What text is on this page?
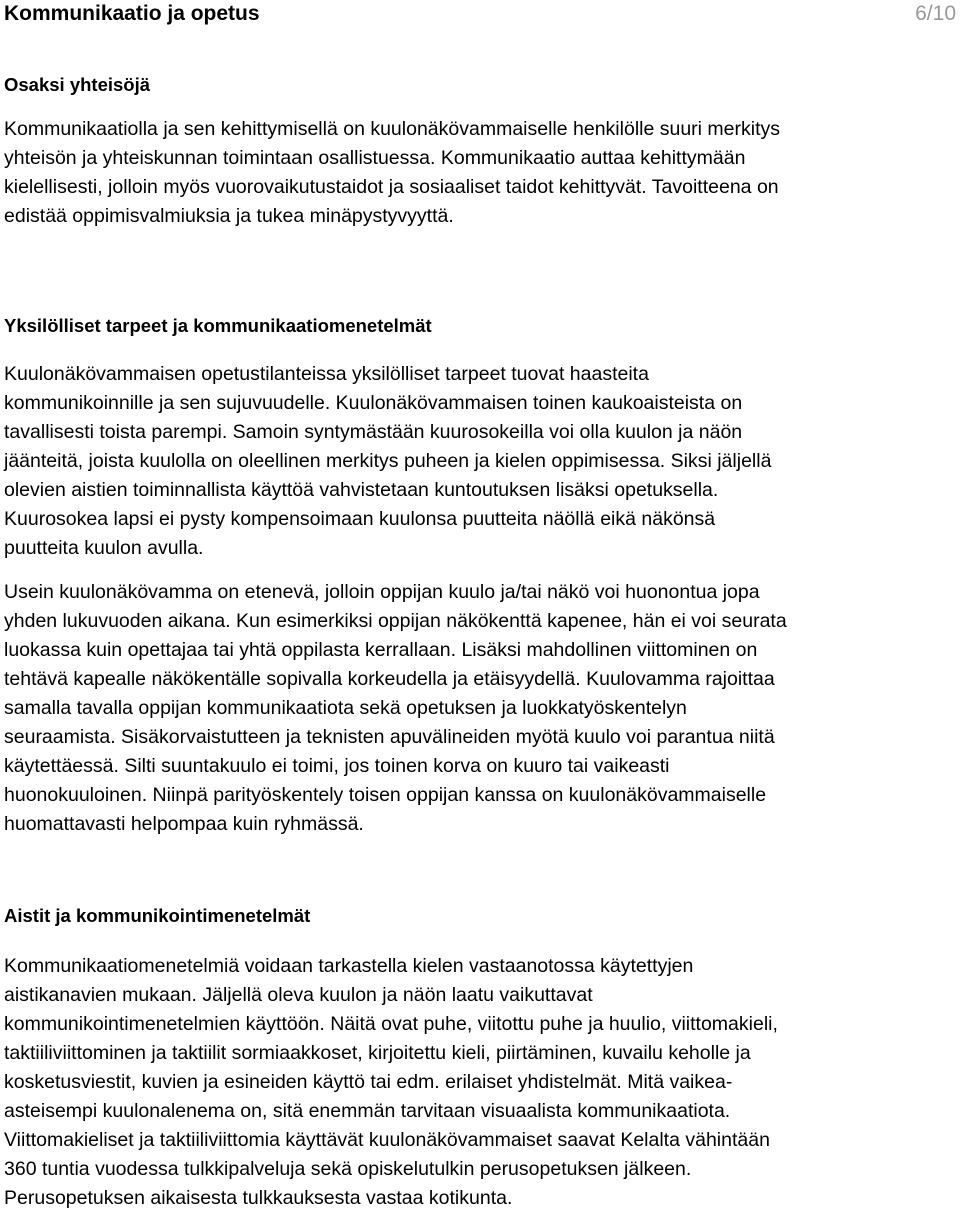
Kommunikaatio ja opetus	6/10
Osaksi yhteisöjä
Kommunikaatiolla ja sen kehittymisellä on kuulonäkövammaiselle henkilölle suuri merkitys
yhteisön ja yhteiskunnan toimintaan osallistuessa. Kommunikaatio auttaa kehittymään
kielellisesti, jolloin myös vuorovaikutustaidot ja sosiaaliset taidot kehittyvät. Tavoitteena on
edistää oppimisvalmiuksia ja tukea minäpystyvyyttä.
Yksilölliset tarpeet ja kommunikaatiomenetelmät
Kuulonäkövammaisen opetustilanteissa yksilölliset tarpeet tuovat haasteita
kommunikoinnille ja sen sujuvuudelle. Kuulonäkövammaisen toinen kaukoaisteista on
tavallisesti toista parempi. Samoin syntymästään kuurosokeilla voi olla kuulon ja näön
jäänteitä, joista kuulolla on oleellinen merkitys puheen ja kielen oppimisessa. Siksi jäljellä
olevien aistien toiminnallista käyttöä vahvistetaan kuntoutuksen lisäksi opetuksella.
Kuurosokea lapsi ei pysty kompensoimaan kuulonsa puutteita näöllä eikä näkönsä
puutteita kuulon avulla.
Usein kuulonäkövamma on etenevä, jolloin oppijan kuulo ja/tai näkö voi huonontua jopa
yhden lukuvuoden aikana. Kun esimerkiksi oppijan näkökenttä kapenee, hän ei voi seurata
luokassa kuin opettajaa tai yhtä oppilasta kerrallaan. Lisäksi mahdollinen viittominen on
tehtävä kapealle näkökentälle sopivalla korkeudella ja etäisyydellä. Kuulovamma rajoittaa
samalla tavalla oppijan kommunikaatiota sekä opetuksen ja luokkatyöskentelyn
seuraamista. Sisäkorvaistutteen ja teknisten apuvälineiden myötä kuulo voi parantua niitä
käytettäessä. Silti suuntakuulo ei toimi, jos toinen korva on kuuro tai vaikeasti
huonokuuloinen. Niinpä parityöskentely toisen oppijan kanssa on kuulonäkövammaiselle
huomattavasti helpompaa kuin ryhmässä.
Aistit ja kommunikointimenetelmät
Kommunikaatiomenetelmiä voidaan tarkastella kielen vastaanotossa käytettyjen
aistikanavien mukaan. Jäljellä oleva kuulon ja näön laatu vaikuttavat
kommunikointimenetelmien käyttöön. Näitä ovat puhe, viitottu puhe ja huulio, viittomakieli,
taktiiliviittominen ja taktiilit sormiaakkoset, kirjoitettu kieli, piirtäminen, kuvailu keholle ja
kosketusviestit, kuvien ja esineiden käyttö tai edm. erilaiset yhdistelmät. Mitä vaikea-
asteisempi kuulonalenema on, sitä enemmän tarvitaan visuaalista kommunikaatiota.
Viittomakieliset ja taktiiliviittomia käyttävät kuulonäkövammaiset saavat Kelalta vähintään
360 tuntia vuodessa tulkkipalveluja sekä opiskelutulkin perusopetuksen jälkeen.
Perusopetuksen aikaisesta tulkkauksesta vastaa kotikunta.
